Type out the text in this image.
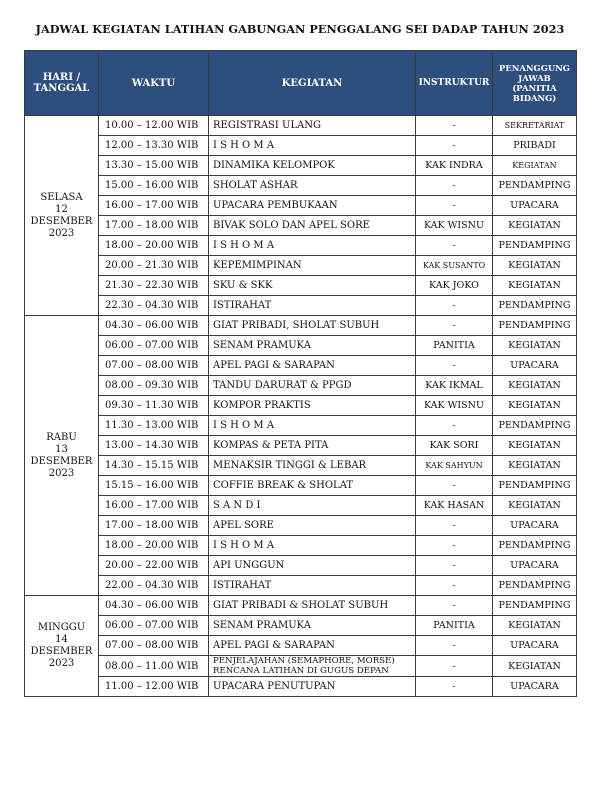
JADWAL KEGIATAN LATIHAN GABUNGAN PENGGALANG SEI DADAP TAHUN 2023
HARI / TANGGAL	WAKTU	KEGIATAN	INSTRUKTUR	PENANGGUNG JAWAB (PANITIA BIDANG)

SELASA
12
DESEMBER
2023	10.00 – 12.00 WIB	REGISTRASI ULANG	-	SEKRETARIAT
	12.00 – 13.30 WIB	I S H O M A	-	PRIBADI
	13.30 – 15.00 WIB	DINAMIKA KELOMPOK	KAK INDRA	KEGIATAN
	15.00 – 16.00 WIB	SHOLAT ASHAR	-	PENDAMPING
	16.00 – 17.00 WIB	UPACARA PEMBUKAAN	-	UPACARA
	17.00 – 18.00 WIB	BIVAK SOLO DAN APEL SORE	KAK WISNU	KEGIATAN
	18.00 – 20.00 WIB	I S H O M A	-	PENDAMPING
	20.00 – 21.30 WIB	KEPEMIMPINAN	KAK SUSANTO	KEGIATAN
	21.30 – 22.30 WIB	SKU & SKK	KAK JOKO	KEGIATAN
	22.30 – 04.30 WIB	ISTIRAHAT	-	PENDAMPING

RABU
13
DESEMBER
2023	04.30 – 06.00 WIB	GIAT PRIBADI, SHOLAT SUBUH	-	PENDAMPING
	06.00 – 07.00 WIB	SENAM PRAMUKA	PANITIA	KEGIATAN
	07.00 – 08.00 WIB	APEL PAGI & SARAPAN	-	UPACARA
	08.00 – 09.30 WIB	TANDU DARURAT & PPGD	KAK IKMAL	KEGIATAN
	09.30 – 11.30 WIB	KOMPOR PRAKTIS	KAK WISNU	KEGIATAN
	11.30 – 13.00 WIB	I S H O M A	-	PENDAMPING
	13.00 – 14.30 WIB	KOMPAS & PETA PITA	KAK SORI	KEGIATAN
	14.30 – 15.15 WIB	MENAKSIR TINGGI & LEBAR	KAK SAHYUN	KEGIATAN
	15.15 – 16.00 WIB	COFFIE BREAK & SHOLAT	-	PENDAMPING
	16.00 – 17.00 WIB	S A N D I	KAK HASAN	KEGIATAN
	17.00 – 18.00 WIB	APEL SORE	-	UPACARA
	18.00 – 20.00 WIB	I S H O M A	-	PENDAMPING
	20.00 – 22.00 WIB	API UNGGUN	-	UPACARA
	22.00 – 04.30 WIB	ISTIRAHAT	-	PENDAMPING

MINGGU
14
DESEMBER
2023	04.30 – 06.00 WIB	GIAT PRIBADI & SHOLAT SUBUH	-	PENDAMPING
	06.00 – 07.00 WIB	SENAM PRAMUKA	PANITIA	KEGIATAN
	07.00 – 08.00 WIB	APEL PAGI & SARAPAN	-	UPACARA
	08.00 – 11.00 WIB	PENJELAJAHAN (SEMAPHORE, MORSE) RENCANA LATIHAN DI GUGUS DEPAN	-	KEGIATAN
	11.00 – 12.00 WIB	UPACARA PENUTUPAN	-	UPACARA
